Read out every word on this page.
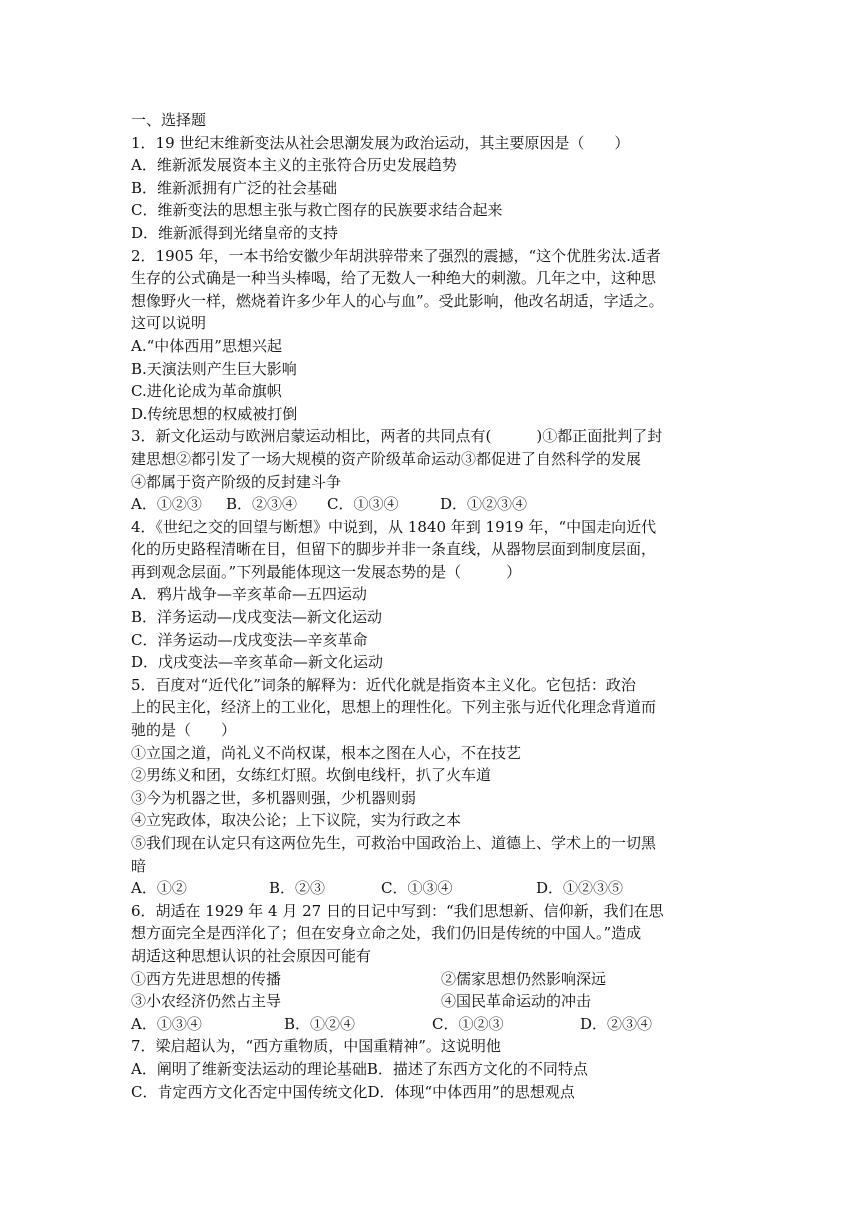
一、选择题
1．19 世纪末维新变法从社会思潮发展为政治运动，其主要原因是（　　）
A．维新派发展资本主义的主张符合历史发展趋势
B．维新派拥有广泛的社会基础
C．维新变法的思想主张与救亡图存的民族要求结合起来
D．维新派得到光绪皇帝的支持
2．1905 年，一本书给安徽少年胡洪骍带来了强烈的震撼，“这个优胜劣汰.适者
生存的公式确是一种当头棒喝，给了无数人一种绝大的刺激。几年之中，这种思
想像野火一样，燃烧着许多少年人的心与血”。受此影响，他改名胡适，字适之。
这可以说明
A.“中体西用”思想兴起
B.天演法则产生巨大影响
C.进化论成为革命旗帜
D.传统思想的权威被打倒
3．新文化运动与欧洲启蒙运动相比，两者的共同点有(　　　)①都正面批判了封
建思想②都引发了一场大规模的资产阶级革命运动③都促进了自然科学的发展
④都属于资产阶级的反封建斗争
A．①②③	B．②③④	C．①③④	D．①②③④
4．《世纪之交的回望与断想》中说到，从 1840 年到 1919 年，“中国走向近代
化的历史路程清晰在目，但留下的脚步并非一条直线，从器物层面到制度层面，
再到观念层面。”下列最能体现这一发展态势的是（　　　）
A．鸦片战争—辛亥革命—五四运动
B．洋务运动—戊戌变法—新文化运动
C．洋务运动—戊戌变法—辛亥革命
D．戊戌变法—辛亥革命—新文化运动
5．百度对“近代化”词条的解释为：近代化就是指资本主义化。它包括：政治
上的民主化，经济上的工业化，思想上的理性化。下列主张与近代化理念背道而
驰的是（　　）
①立国之道，尚礼义不尚权谋，根本之图在人心，不在技艺
②男练义和团，女练红灯照。坎倒电线杆，扒了火车道
③今为机器之世，多机器则强，少机器则弱
④立宪政体，取决公论；上下议院，实为行政之本
⑤我们现在认定只有这两位先生，可救治中国政治上、道德上、学术上的一切黑
暗
A．①②	B．②③	C．①③④	D．①②③⑤
6．胡适在 1929 年 4 月 27 日的日记中写到：“我们思想新、信仰新，我们在思
想方面完全是西洋化了；但在安身立命之处，我们仍旧是传统的中国人。”造成
胡适这种思想认识的社会原因可能有
①西方先进思想的传播	②儒家思想仍然影响深远
③小农经济仍然占主导	④国民革命运动的冲击
A．①③④	B．①②④	C．①②③	D．②③④
7．梁启超认为，“西方重物质，中国重精神”。这说明他
A．阐明了维新变法运动的理论基础 B．描述了东西方文化的不同特点
C．肯定西方文化否定中国传统文化 D．体现“中体西用”的思想观点
